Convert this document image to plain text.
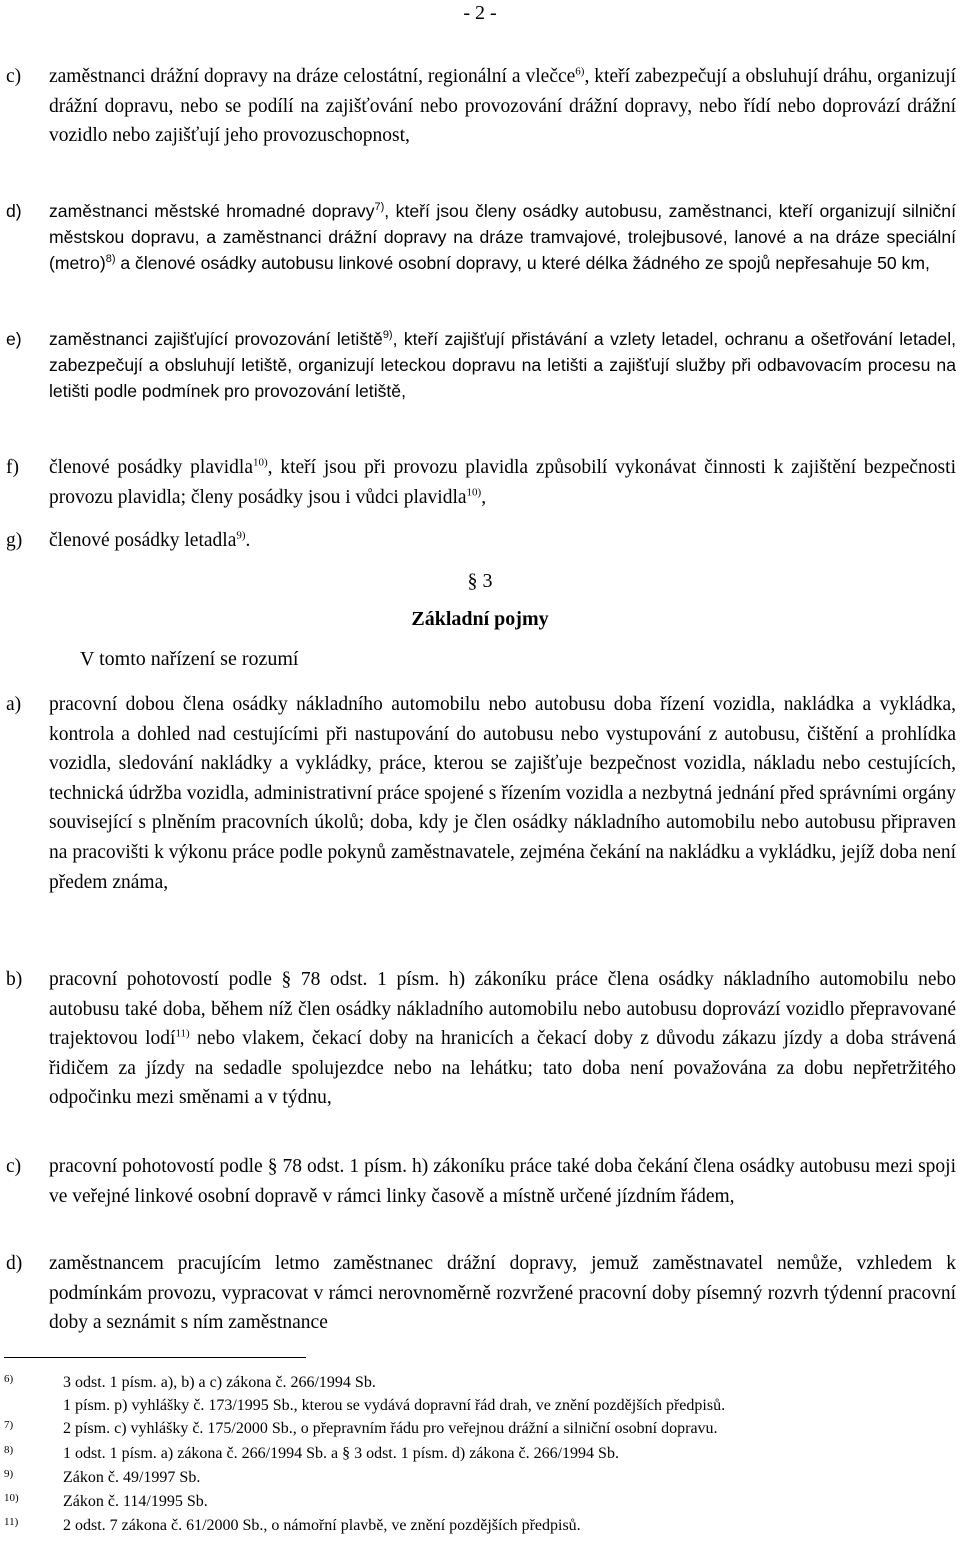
- 2 -
c)	zaměstnanci drážní dopravy na dráze celostátní, regionální a vlečce$^{6)}$, kteří zabezpečují a obsluhují dráhu, organizují drážní dopravu, nebo se podílí na zajišťování nebo provozování drážní dopravy, nebo řídí nebo doprovází drážní vozidlo nebo zajišťují jeho provozuschopnost,
d)	zaměstnanci městské hromadné dopravy$^{7)}$, kteří jsou členy osádky autobusu, zaměstnanci, kteří organizují silniční městskou dopravu, a zaměstnanci drážní dopravy na dráze tramvajové, trolejbusové, lanové a na dráze speciální (metro)$^{8)}$ a členové osádky autobusu linkové osobní dopravy, u které délka žádného ze spojů nepřesahuje 50 km,
e)	zaměstnanci zajišťující provozování letiště$^{9)}$, kteří zajišťují přistávání a vzlety letadel, ochranu a ošetřování letadel, zabezpečují a obsluhují letiště, organizují leteckou dopravu na letišti a zajišťují služby při odbavovacím procesu na letišti podle podmínek pro provozování letiště,
f)	členové posádky plavidla$^{10)}$, kteří jsou při provozu plavidla způsobilí vykonávat činnosti k zajištění bezpečnosti provozu plavidla; členy posádky jsou i vůdci plavidla$^{10)}$,
g)	členové posádky letadla$^{9)}$.
§ 3
Základní pojmy
V tomto nařízení se rozumí
a)	pracovní dobou člena osádky nákladního automobilu nebo autobusu doba řízení vozidla, nakládka a vykládka, kontrola a dohled nad cestujícími při nastupování do autobusu nebo vystupování z autobusu, čištění a prohlídka vozidla, sledování nakládky a vykládky, práce, kterou se zajišťuje bezpečnost vozidla, nákladu nebo cestujících, technická údržba vozidla, administrativní práce spojené s řízením vozidla a nezbytná jednání před správními orgány související s plněním pracovních úkolů; doba, kdy je člen osádky nákladního automobilu nebo autobusu připraven na pracovišti k výkonu práce podle pokynů zaměstnavatele, zejména čekání na nakládku a vykládku, jejíž doba není předem známa,
b)	pracovní pohotovostí podle § 78 odst. 1 písm. h) zákoníku práce člena osádky nákladního automobilu nebo autobusu také doba, během níž člen osádky nákladního automobilu nebo autobusu doprovází vozidlo přepravované trajektovou lodí$^{11)}$ nebo vlakem, čekací doby na hranicích a čekací doby z důvodu zákazu jízdy a doba strávená řidičem za jízdy na sedadle spolujezdce nebo na lehátku; tato doba není považována za dobu nepřetržitého odpočinku mezi směnami a v týdnu,
c)	pracovní pohotovostí podle § 78 odst. 1 písm. h) zákoníku práce také doba čekání člena osádky autobusu mezi spoji ve veřejné linkové osobní dopravě v rámci linky časově a místně určené jízdním řádem,
d)	zaměstnancem pracujícím letmo zaměstnanec drážní dopravy, jemuž zaměstnavatel nemůže, vzhledem k podmínkám provozu, vypracovat v rámci nerovnoměrně rozvržené pracovní doby písemný rozvrh týdenní pracovní doby a seznámit s ním zaměstnance
6)	3 odst. 1 písm. a), b) a c) zákona č. 266/1994 Sb.
1 písm. p) vyhlášky č. 173/1995 Sb., kterou se vydává dopravní řád drah, ve znění pozdějších předpisů.
7)	2 písm. c) vyhlášky č. 175/2000 Sb., o přepravním řádu pro veřejnou drážní a silniční osobní dopravu.
8)	1 odst. 1 písm. a) zákona č. 266/1994 Sb. a § 3 odst. 1 písm. d) zákona č. 266/1994 Sb.
9)	Zákon č. 49/1997 Sb.
10)	Zákon č. 114/1995 Sb.
11)	2 odst. 7 zákona č. 61/2000 Sb., o námořní plavbě, ve znění pozdějších předpisů.
